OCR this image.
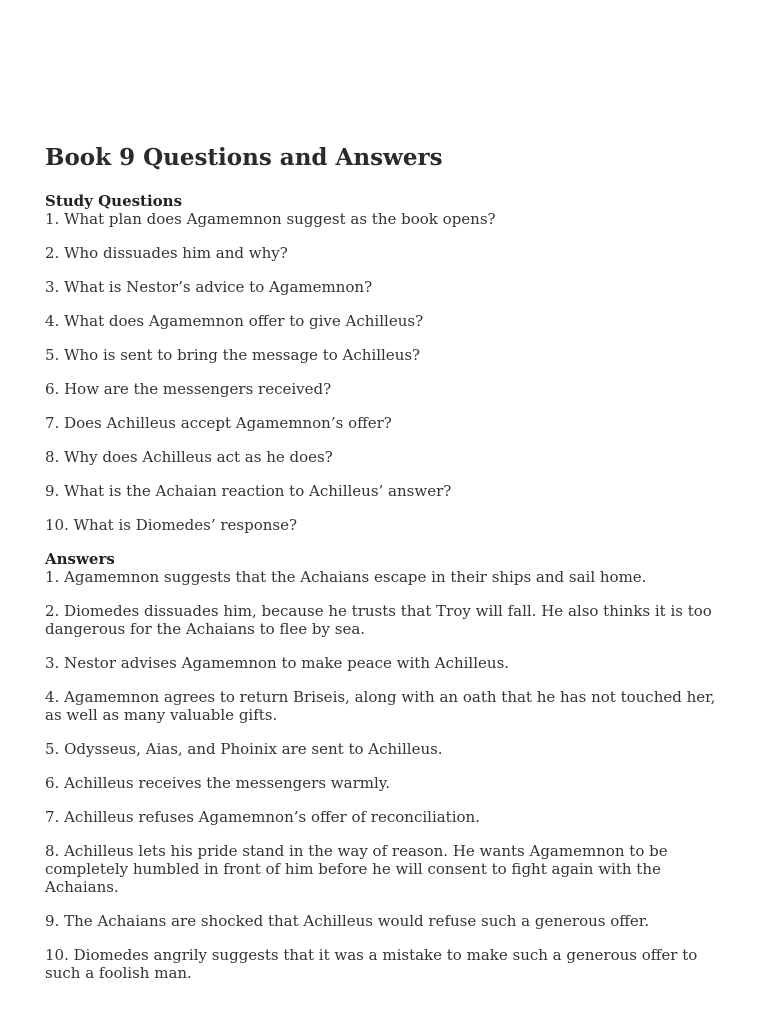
Book 9 Questions and Answers
Study Questions

1. What plan does Agamemnon suggest as the book opens?

2. Who dissuades him and why?

3. What is Nestor’s advice to Agamemnon?

4. What does Agamemnon offer to give Achilleus?

5. Who is sent to bring the message to Achilleus?

6. How are the messengers received?

7. Does Achilleus accept Agamemnon’s offer?

8. Why does Achilleus act as he does?

9. What is the Achaian reaction to Achilleus’ answer?

10. What is Diomedes’ response?

Answers

1. Agamemnon suggests that the Achaians escape in their ships and sail home.

2. Diomedes dissuades him, because he trusts that Troy will fall. He also thinks it is too dangerous for the Achaians to flee by sea.

3. Nestor advises Agamemnon to make peace with Achilleus.

4. Agamemnon agrees to return Briseis, along with an oath that he has not touched her, as well as many valuable gifts.

5. Odysseus, Aias, and Phoinix are sent to Achilleus.

6. Achilleus receives the messengers warmly.

7. Achilleus refuses Agamemnon’s offer of reconciliation.

8. Achilleus lets his pride stand in the way of reason. He wants Agamemnon to be completely humbled in front of him before he will consent to fight again with the Achaians.

9. The Achaians are shocked that Achilleus would refuse such a generous offer.

10. Diomedes angrily suggests that it was a mistake to make such a generous offer to such a foolish man.
